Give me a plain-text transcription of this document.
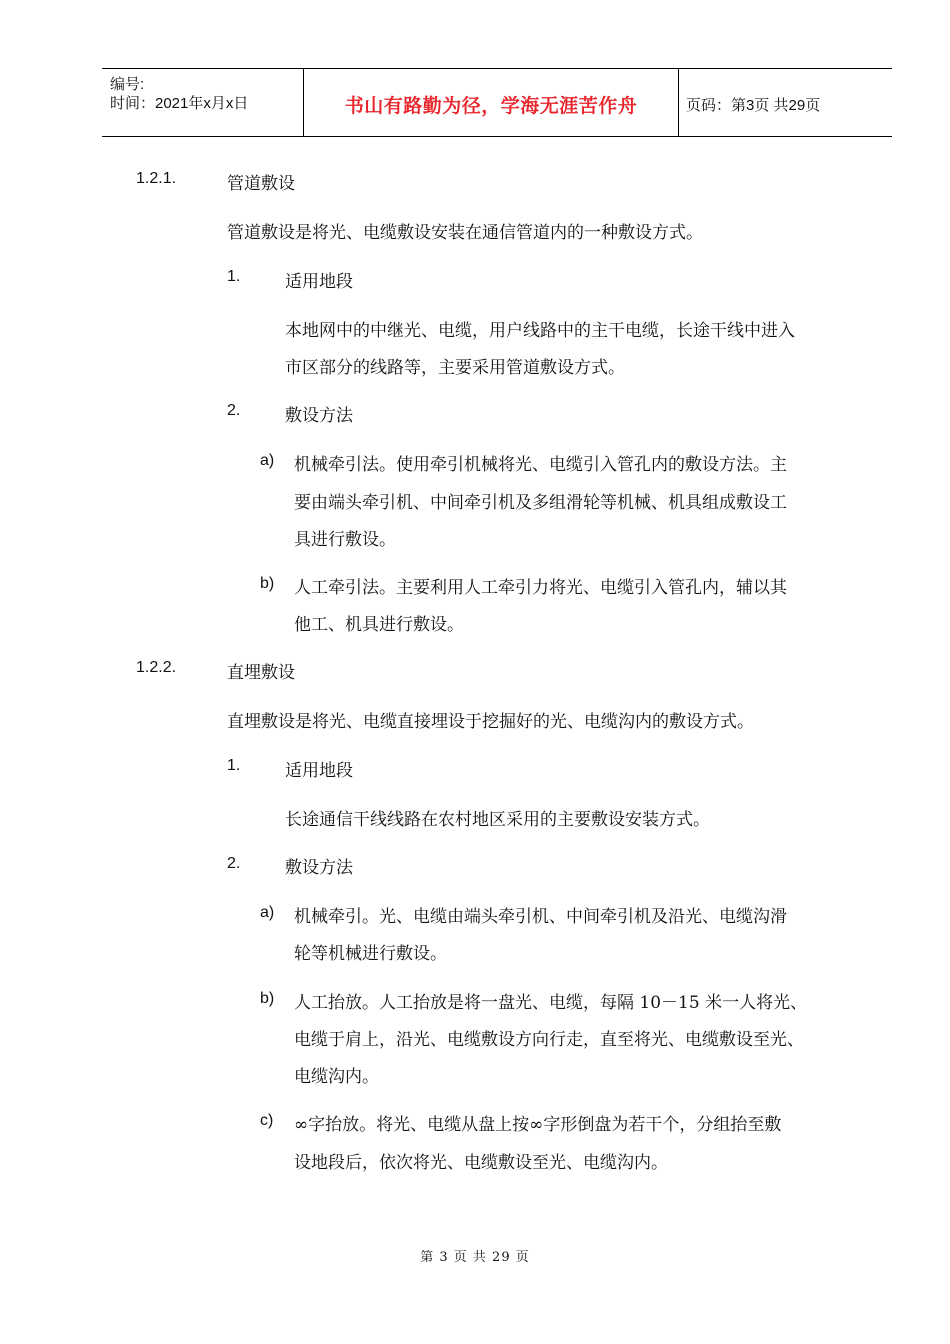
编号:
时间：2021年x月x日	书山有路勤为径，学海无涯苦作舟	页码：第3页 共29页
1.2.1.	管道敷设
管道敷设是将光、电缆敷设安装在通信管道内的一种敷设方式。
1.	适用地段
本地网中的中继光、电缆，用户线路中的主干电缆，长途干线中进入
市区部分的线路等，主要采用管道敷设方式。
2.	敷设方法
a) 机械牵引法。使用牵引机械将光、电缆引入管孔内的敷设方法。主
要由端头牵引机、中间牵引机及多组滑轮等机械、机具组成敷设工
具进行敷设。
b) 人工牵引法。主要利用人工牵引力将光、电缆引入管孔内，辅以其
他工、机具进行敷设。
1.2.2.	直埋敷设
直埋敷设是将光、电缆直接埋设于挖掘好的光、电缆沟内的敷设方式。
1.	适用地段
长途通信干线线路在农村地区采用的主要敷设安装方式。
2.	敷设方法
a) 机械牵引。光、电缆由端头牵引机、中间牵引机及沿光、电缆沟滑
轮等机械进行敷设。
b) 人工抬放。人工抬放是将一盘光、电缆，每隔 10－15 米一人将光、
电缆于肩上，沿光、电缆敷设方向行走，直至将光、电缆敷设至光、
电缆沟内。
c) ∞字抬放。将光、电缆从盘上按∞字形倒盘为若干个，分组抬至敷
设地段后，依次将光、电缆敷设至光、电缆沟内。
第 3 页 共 29 页
